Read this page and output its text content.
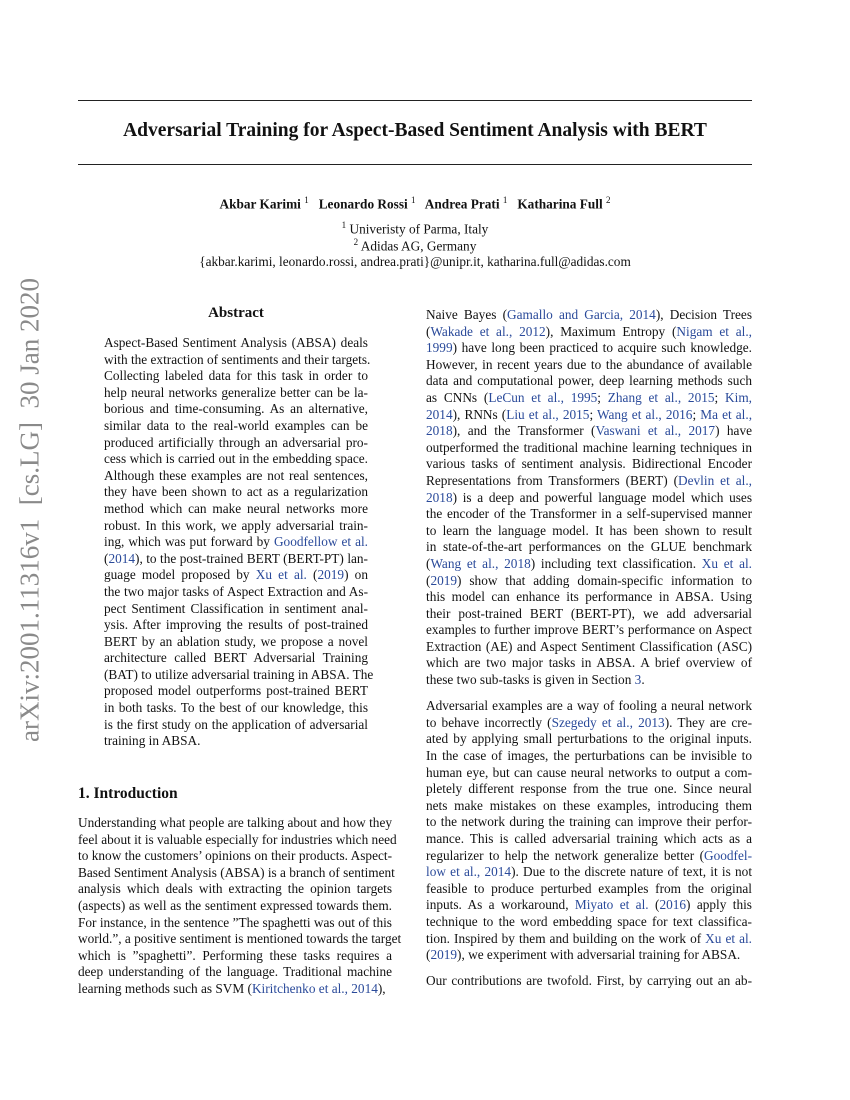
arXiv:2001.11316v1  [cs.LG]  30 Jan 2020
Adversarial Training for Aspect-Based Sentiment Analysis with BERT
Akbar Karimi $^1$ Leonardo Rossi $^1$ Andrea Prati $^1$ Katharina Full $^2$
$^1$ Univeristy of Parma, Italy
$^2$ Adidas AG, Germany
{akbar.karimi, leonardo.rossi, andrea.prati}@unipr.it, katharina.full@adidas.com
Abstract
Aspect-Based Sentiment Analysis (ABSA) deals
with the extraction of sentiments and their targets.
Collecting labeled data for this task in order to
help neural networks generalize better can be la-
borious and time-consuming. As an alternative,
similar data to the real-world examples can be
produced artificially through an adversarial pro-
cess which is carried out in the embedding space.
Although these examples are not real sentences,
they have been shown to act as a regularization
method which can make neural networks more
robust. In this work, we apply adversarial train-
ing, which was put forward by Goodfellow et al.
(2014), to the post-trained BERT (BERT-PT) lan-
guage model proposed by Xu et al. (2019) on
the two major tasks of Aspect Extraction and As-
pect Sentiment Classification in sentiment anal-
ysis. After improving the results of post-trained
BERT by an ablation study, we propose a novel
architecture called BERT Adversarial Training
(BAT) to utilize adversarial training in ABSA. The
proposed model outperforms post-trained BERT
in both tasks. To the best of our knowledge, this
is the first study on the application of adversarial
training in ABSA.
1. Introduction
Understanding what people are talking about and how they
feel about it is valuable especially for industries which need
to know the customers’ opinions on their products. Aspect-
Based Sentiment Analysis (ABSA) is a branch of sentiment
analysis which deals with extracting the opinion targets
(aspects) as well as the sentiment expressed towards them.
For instance, in the sentence ”The spaghetti was out of this
world.”, a positive sentiment is mentioned towards the target
which is ”spaghetti”. Performing these tasks requires a
deep understanding of the language. Traditional machine
learning methods such as SVM (Kiritchenko et al., 2014),
Naive Bayes (Gamallo and Garcia, 2014), Decision Trees
(Wakade et al., 2012), Maximum Entropy (Nigam et al.,
1999) have long been practiced to acquire such knowledge.
However, in recent years due to the abundance of available
data and computational power, deep learning methods such
as CNNs (LeCun et al., 1995; Zhang et al., 2015; Kim,
2014), RNNs (Liu et al., 2015; Wang et al., 2016; Ma et al.,
2018), and the Transformer (Vaswani et al., 2017) have
outperformed the traditional machine learning techniques in
various tasks of sentiment analysis. Bidirectional Encoder
Representations from Transformers (BERT) (Devlin et al.,
2018) is a deep and powerful language model which uses
the encoder of the Transformer in a self-supervised manner
to learn the language model. It has been shown to result
in state-of-the-art performances on the GLUE benchmark
(Wang et al., 2018) including text classification. Xu et al.
(2019) show that adding domain-specific information to
this model can enhance its performance in ABSA. Using
their post-trained BERT (BERT-PT), we add adversarial
examples to further improve BERT’s performance on Aspect
Extraction (AE) and Aspect Sentiment Classification (ASC)
which are two major tasks in ABSA. A brief overview of
these two sub-tasks is given in Section 3.
Adversarial examples are a way of fooling a neural network
to behave incorrectly (Szegedy et al., 2013). They are cre-
ated by applying small perturbations to the original inputs.
In the case of images, the perturbations can be invisible to
human eye, but can cause neural networks to output a com-
pletely different response from the true one. Since neural
nets make mistakes on these examples, introducing them
to the network during the training can improve their perfor-
mance. This is called adversarial training which acts as a
regularizer to help the network generalize better (Goodfel-
low et al., 2014). Due to the discrete nature of text, it is not
feasible to produce perturbed examples from the original
inputs. As a workaround, Miyato et al. (2016) apply this
technique to the word embedding space for text classifica-
tion. Inspired by them and building on the work of Xu et al.
(2019), we experiment with adversarial training for ABSA.
Our contributions are twofold. First, by carrying out an ab-
